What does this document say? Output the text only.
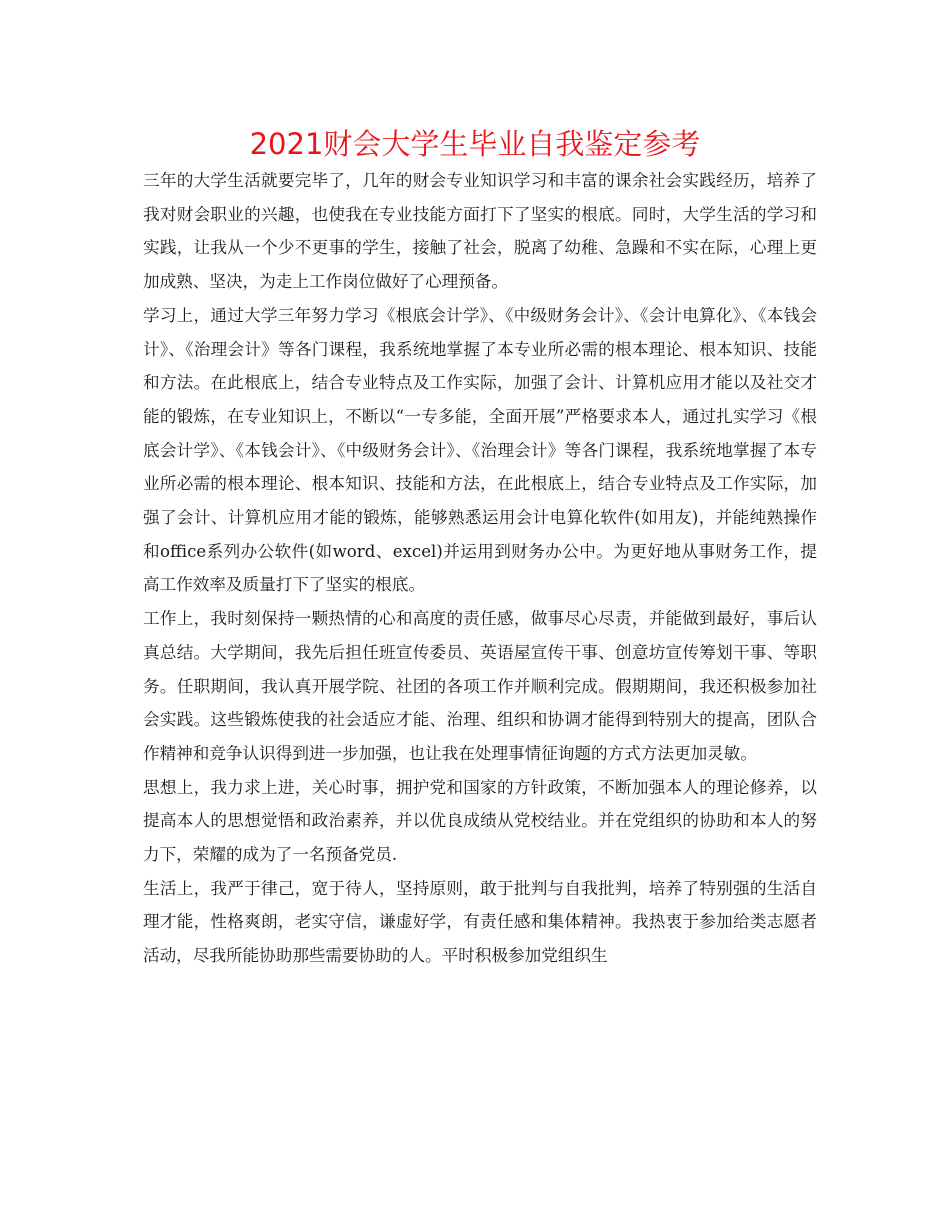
2021财会大学生毕业自我鉴定参考

三年的大学生活就要完毕了，几年的财会专业知识学习和丰富的课余社会实践经历，培养了我对财会职业的兴趣，也使我在专业技能方面打下了坚实的根底。同时，大学生活的学习和实践，让我从一个少不更事的学生，接触了社会，脱离了幼稚、急躁和不实在际，心理上更加成熟、坚决，为走上工作岗位做好了心理预备。

学习上，通过大学三年努力学习《根底会计学》、《中级财务会计》、《会计电算化》、《本钱会计》、《治理会计》等各门课程，我系统地掌握了本专业所必需的根本理论、根本知识、技能和方法。在此根底上，结合专业特点及工作实际，加强了会计、计算机应用才能以及社交才能的锻炼，在专业知识上，不断以“一专多能，全面开展”严格要求本人，通过扎实学习《根底会计学》、《本钱会计》、《中级财务会计》、《治理会计》等各门课程，我系统地掌握了本专业所必需的根本理论、根本知识、技能和方法，在此根底上，结合专业特点及工作实际，加强了会计、计算机应用才能的锻炼，能够熟悉运用会计电算化软件(如用友)，并能纯熟操作和office系列办公软件(如word、excel)并运用到财务办公中。为更好地从事财务工作，提高工作效率及质量打下了坚实的根底。

工作上，我时刻保持一颗热情的心和高度的责任感，做事尽心尽责，并能做到最好，事后认真总结。大学期间，我先后担任班宣传委员、英语屋宣传干事、创意坊宣传筹划干事、等职务。任职期间，我认真开展学院、社团的各项工作并顺利完成。假期期间，我还积极参加社会实践。这些锻炼使我的社会适应才能、治理、组织和协调才能得到特别大的提高，团队合作精神和竞争认识得到进一步加强，也让我在处理事情征询题的方式方法更加灵敏。

思想上，我力求上进，关心时事，拥护党和国家的方针政策，不断加强本人的理论修养，以提高本人的思想觉悟和政治素养，并以优良成绩从党校结业。并在党组织的协助和本人的努力下，荣耀的成为了一名预备党员.

生活上，我严于律己，宽于待人，坚持原则，敢于批判与自我批判，培养了特别强的生活自理才能，性格爽朗，老实守信，谦虚好学，有责任感和集体精神。我热衷于参加给类志愿者活动，尽我所能协助那些需要协助的人。平时积极参加党组织生
